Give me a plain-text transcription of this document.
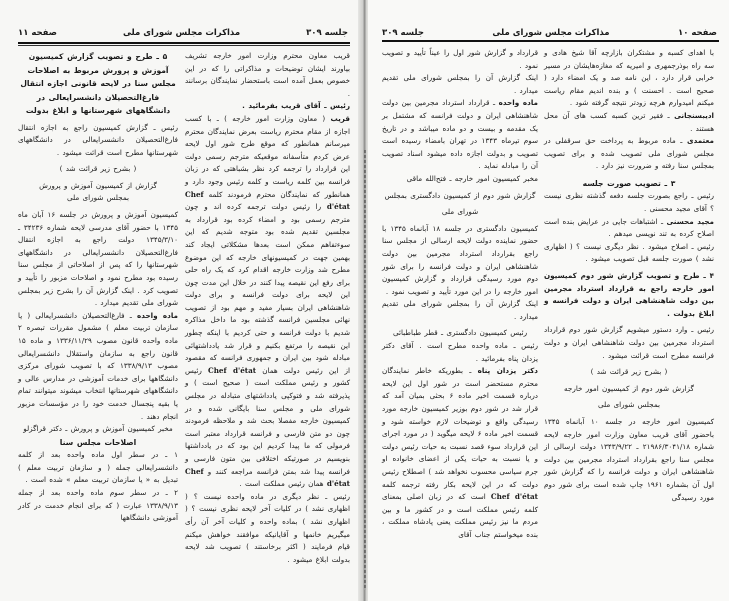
جلسه ۳۰۹
مذاکرات مجلس شورای ملی
صفحه ۱۱

قریب معاون محترم وزارت امور خارجه تشریف بیاورند ایشان توضیحات و مذاکراتی را که در این خصوص بعمل آمده است باستحضار نمایندگان برسانند .

رئیس ـ آقای قریب بفرمائید .

قریب ( معاون وزارت امور خارجه ) ـ با کسب اجازه از مقام محترم ریاست بعرض نمایندگان محترم میرسانم همانطور که موقع طرح شور اول لایحه عرض کردم متأسفانه موقعیکه مترجم رسمی دولت این قرارداد را ترجمه کرد نظر بشباهتی که در زبان فرانسه بین کلمه ریاست و کلمه رئیس وجود دارد و همانطور که نمایندگان محترم فرمودند کلمه Chef d'état را رئیس دولت ترجمه کرده اند و چون مترجم رسمی بود و امضاء کرده بود قرارداد به مجلسین تقدیم شده بود متوجه شدیم که این سوءتفاهم ممکن است بعدها مشکلاتی ایجاد کند بهمین جهت در کمیسیونهای خارجه که این موضوع مطرح شد وزارت خارجه اقدام کرد که یک راه حلی برای رفع این نقیصه پیدا کنند در خلال این مدت چون این لایحه برای دولت فرانسه و برای دولت شاهنشاهی ایران بسیار مفید و مهم بود از تصویب نهائی مجلسین فرانسه گذشته بود ما داخل مذاکره شدیم با دولت فرانسه و حتی کردیم با اینکه چطور این نقیصه را مرتفع بکنیم و قرار شد یادداشتهائی مبادله شود بین ایران و جمهوری فرانسه که مقصود از این رئیس دولت همان Chef d'état رئیس کشور و رئیس مملکت است ( صحیح است ) و پذیرفته شد و فتوکپی یادداشتهای متبادله در مجلس شورای ملی و مجلس سنا بایگانی شده و در کمیسیون خارجه مفصلا بحث شد و ملاحظه فرمودند چون دو متن فارسی و فرانسه قرارداد معتبر است فرمولی که ما پیدا کردیم این بود که در یادداشتها بنویسیم در صورتیکه اختلافی بین متون فارسی و فرانسه پیدا شد بمتن فرانسه مراجعه کنند و Chef d'état همان رئیس مملکت است .

رئیس ـ نظر دیگری در ماده واحده نیست ؟ ( اظهاری نشد ) در کلیات آخر لایحه نظری نیست ؟ ( اظهاری نشد ) بماده واحده و کلیات آخر آن رأی میگیریم خانمها و آقایانیکه موافقند خواهش میکنم قیام فرمایند ( اکثر برخاستند ) تصویب شد لایحه بدولت ابلاغ میشود .

۵ ـ طرح و تصویب گزارش کمیسیون آموزش و پرورش مربوط به اصلاحات مجلس سنا در لایحه قانونی اجازه انتقال فارغ‌التحصیلان دانشسرا‌یعالی در دانشگاههای شهرستانها و ابلاغ بدولت

رئیس ـ گزارش کمیسیون راجع به اجازه انتقال فارغ‌التحصیلان دانشسرایعالی در دانشگاههای شهرستانها مطرح است قرائت میشود .

( بشرح زیر قرائت شد )

گزارش از کمیسیون آموزش و پرورش

بمجلس شورای ملی

کمیسیون آموزش و پرورش در جلسه ۱۶ آبان ماه ۱۳۴۵ با حضور آقای مدرسی لایحه شماره ۳۴۲۳۶ ـ ۱۳۴۵/۳/۱۰ دولت راجع به اجازه انتقال فارغ‌التحصیلان دانشسرایعالی در دانشگاههای شهرستانها را که پس از اصلاحاتی از مجلس سنا رسیده بود مطرح نمود و اصلاحات مزبور را تأیید و تصویب کرد . اینک گزارش آن را بشرح زیر بمجلس شورای ملی تقدیم میدارد .

ماده واحده ـ فارغ‌التحصیلان دانشسرایعالی ( یا سازمان تربیت معلم ) مشمول مقررات تبصره ۲ ماده واحده قانون مصوب ۱۳۳۶/۱۱/۲۹ و ماده ۱۵ قانون راجع به سازمان واستقلال دانشسرایعالی مصوب ۱۳۳۸/۹/۱۳ که با تصویب شورای مرکزی دانشگاهها برای خدمات آموزشی در مدارس عالی و دانشگاههای شهرستانها انتخاب میشوند میتوانند تمام یا بقیه پنجسال خدمت خود را در مؤسسات مزبور انجام دهند .

مخبر کمیسیون آموزش و پرورش ـ دکتر قراگزلو

اصلاحات مجلس سنا

۱ ـ در سطر اول ماده واحده بعد از کلمه دانشسرایعالی جمله ( و سازمان تربیت معلم ) تبدیل به « یا سازمان تربیت معلم » شده است .

۲ ـ در سطر سوم ماده واحده بعد از جمله ۱۳۳۸/۹/۱۳ عبارت ( که برای انجام خدمت در کادر آموزشی دانشگاهها

صفحه ۱۰
مذاکرات مجلس شورای ملی
جلسه ۳۰۹

با اهدای کسبه و مشتکران بازارچه آقا شیخ هادی و سه راه بوذرجمهری و امیریه که مغازه‌هایشان در مسیر خرابی قرار دارد ، این نامه صد و یک امضاء دارد ( صحیح است . احسنت ) و بنده اندیم مقام ریاست میکنم امیدوارم هرچه زودتر نتیجه گرفته شود .

ادیبسنجانی ـ فقیر ترین کسبه کسب های آن محل هستند .

معتمدی ـ ماده مربوط به پرداخت حق سرقفلی در مجلس شورای ملی تصویب شده و برای تصویب بمجلس سنا رفته و ضرورت نیز دارد .

۳ ـ تصویب صورت جلسه

رئیس ـ راجع بصورت جلسه دفعه گذشته نظری نیست ؟ آقای مجید محسنی .

مجید محسنی ـ اشتباهات جایی در عرایض بنده است اصلاح کرده به تند نویسی میدهم .

رئیس ـ اصلاح میشود . نظر دیگری نیست ؟ ( اظهاری نشد ) صورت جلسه قبل تصویب میشود .

۴ ـ طرح و تصویب گزارش شور دوم کمیسیون امور خارجه راجع به قرارداد استرداد مجرمین بین دولت شاهنشاهی ایران و دولت فرانسه و ابلاغ بدولت .

رئیس ـ وارد دستور میشویم گزارش شور دوم قرارداد استرداد مجرمین بین دولت شاهنشاهی ایران و دولت فرانسه مطرح است قرائت میشود .

( بشرح زیر قرائت شد )

گزارش شور دوم از کمیسیون امور خارجه

بمجلس شورای ملی

کمیسیون امور خارجه در جلسه ۱۰ آبانماه ۱۳۴۵ باحضور آقای قریب معاون وزارت امور خارجه لایحه شماره ۲۱۹۸۶/۳۰۴۱/۱۸ ـ ۱۳۴۳/۹/۲۲ دولت ارسالی از مجلس سنا راجع بقرارداد استرداد مجرمین بین دولت شاهنشاهی ایران و دولت فرانسه را که گزارش شور اول آن بشماره ۱۹۶۱ چاپ شده است برای شور دوم مورد رسیدگی

قرارداد و گزارش شور اول را عیناً تأیید و تصویب نمود .

اینک گزارش آن را بمجلس شورای ملی تقدیم میدارد .

ماده واحده ـ قرارداد استرداد مجرمین بین دولت شاهنشاهی ایران و دولت فرانسه که مشتمل بر یک مقدمه و بیست و دو ماده میباشد و در تاریخ سوم تیرماه ۱۳۴۳ در تهران بامضاء رسیده است تصویب و بدولت اجازه داده میشود اسناد تصویب آن را مبادله نماید .

مخبر کمیسیون امور خارجه ـ فتح‌الله ماقی

گزارش شور دوم از کمیسیون دادگستری بمجلس

شورای ملی

کمیسیون دادگستری در جلسه ۱۸ آبانماه ۱۳۴۵ با حضور نماینده دولت لایحه ارسالی از مجلس سنا راجع بقرارداد استرداد مجرمین بین دولت شاهنشاهی ایران و دولت فرانسه را برای شور دوم مورد رسیدگی قرارداد و گزارش کمیسیون امور خارجه را در این مورد تأیید و تصویب نمود .

اینک گزارش آن را بمجلس شورای ملی تقدیم میدارد .

رئیس کمیسیون دادگستری ـ قطر طباطبائی

رئیس ـ ماده واحده مطرح است . آقای دکتر یزدان پناه بفرمائید .

دکتر یزدان پناه ـ بطوریکه خاطر نمایندگان محترم مستحضر است در شور اول این لایحه درباره قسمت اخیر ماده ۶ بحثی بمیان آمد که قرار شد در شور دوم بوزیر کمیسیون خارجه مورد رسیدگی واقع و توضیحات لازم خواسته شود و قسمت اخیر ماده ۶ لایحه میگوید ( در مورد اجرای این قرارداد سوء قصد نسبت به حیات رئیس دولت و یا نسبت به حیات یکی از اعضای خانواده او جرم سیاسی محسوب نخواهد شد ) اصطلاح رئیس دولت که در این لایحه بکار رفته ترجمه کلمه Chef d'état است که در زبان اصلی بمعنای کلمه رئیس مملکت است و در کشور ما و بین مردم ما نیز رئیس مملکت یعنی پادشاه مملکت ، بنده میخواستم جناب آقای
